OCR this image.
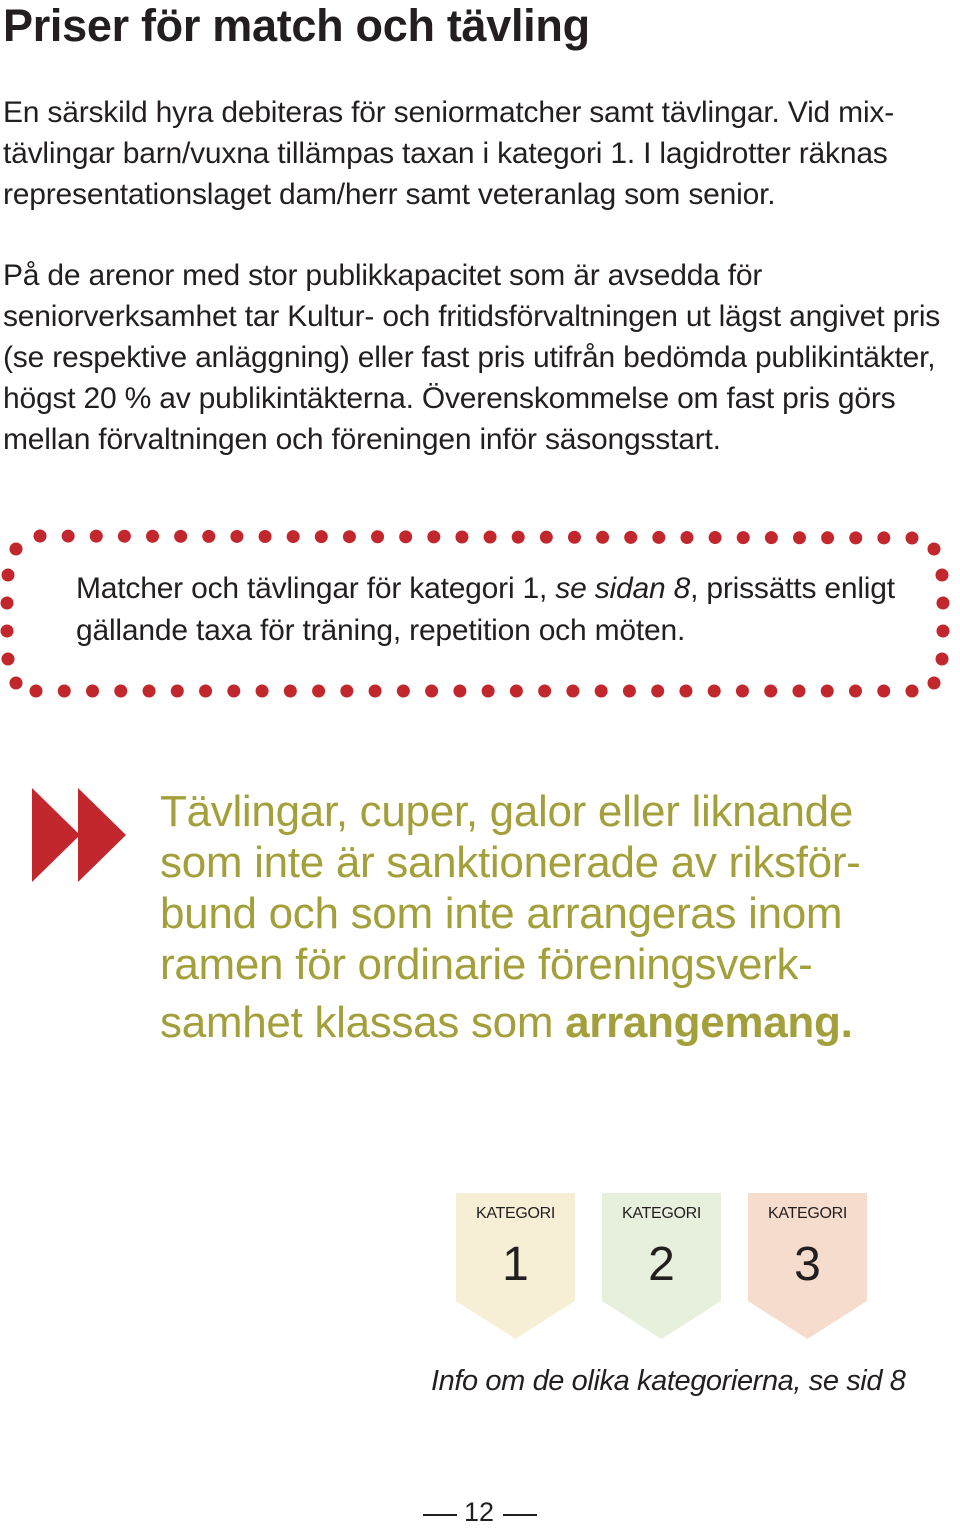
Priser för match och tävling
En särskild hyra debiteras för seniormatcher samt tävlingar. Vid mix-tävlingar barn/vuxna tillämpas taxan i kategori 1. I lagidrotter räknas representationslaget dam/herr samt veteranlag som senior.
På de arenor med stor publikkapacitet som är avsedda för seniorverksamhet tar Kultur- och fritidsförvaltningen ut lägst angivet pris (se respektive anläggning) eller fast pris utifrån bedömda publikintäkter, högst 20 % av publikintäkterna. Överenskommelse om fast pris görs mellan förvaltningen och föreningen inför säsongsstart.
Matcher och tävlingar för kategori 1, se sidan 8, prissätts enligt gällande taxa för träning, repetition och möten.
Tävlingar, cuper, galor eller liknande
som inte är sanktionerade av riksför-
bund och som inte arrangeras inom
ramen för ordinarie föreningsverk-
samhet klassas som arrangemang.
KATEGORI
1
KATEGORI
2
KATEGORI
3
Info om de olika kategorierna, se sid 8
12
